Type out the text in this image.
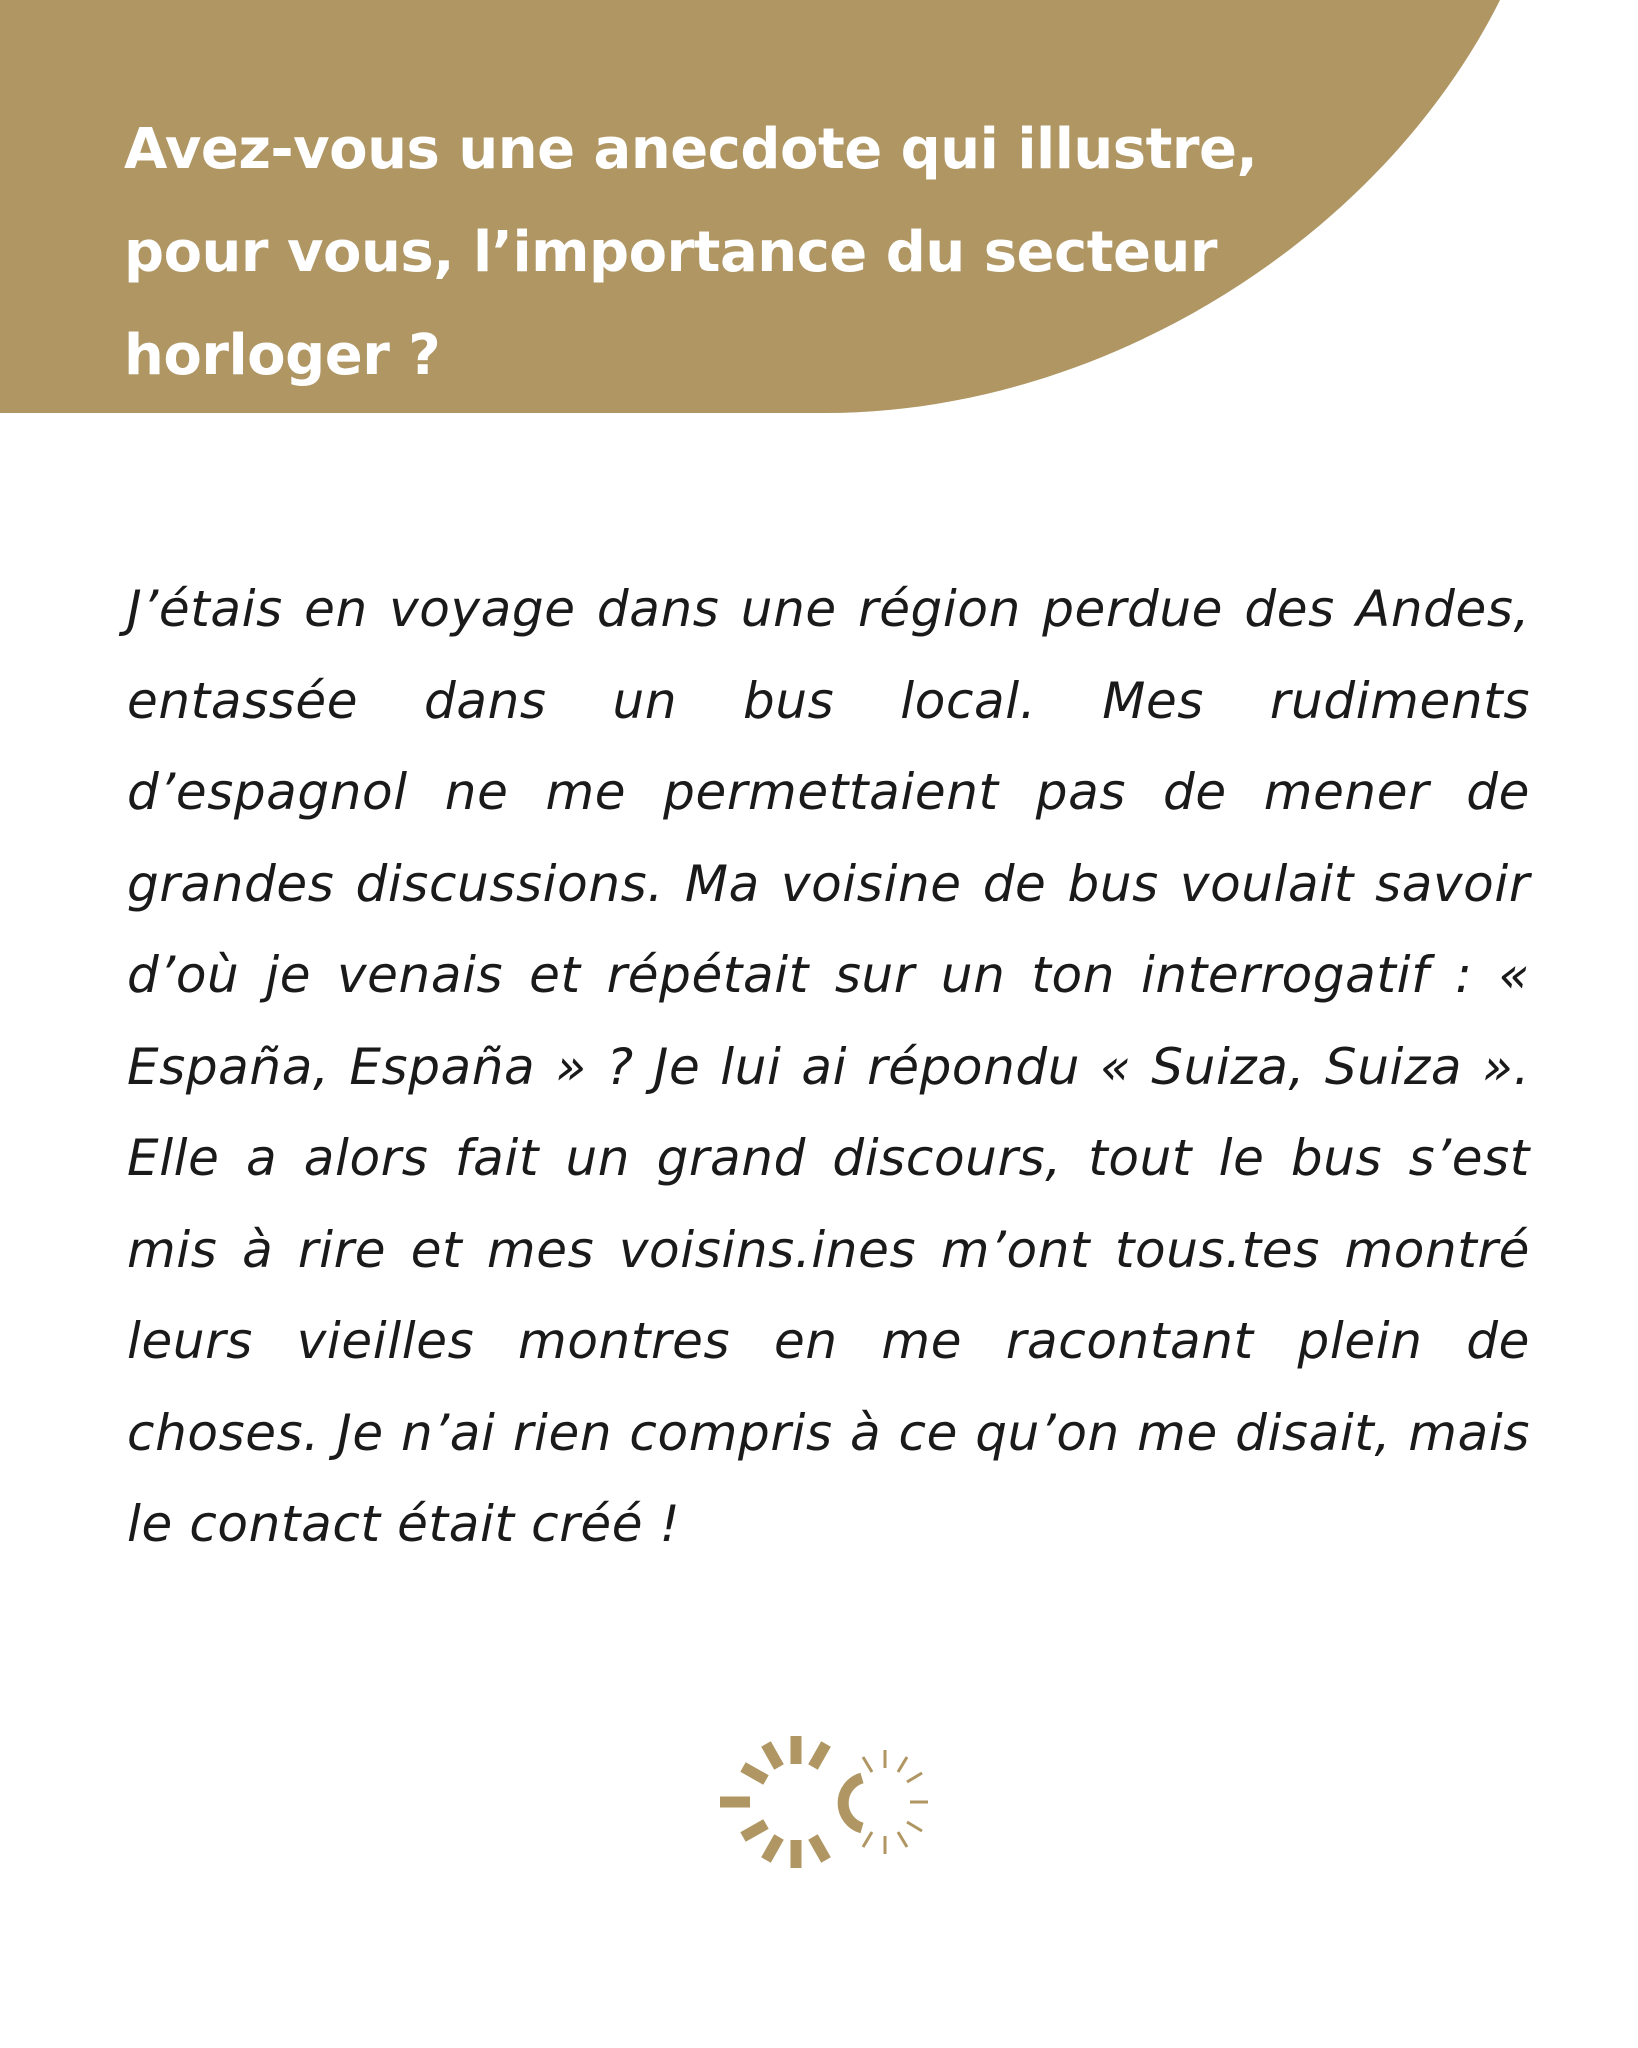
Avez-vous une anecdote qui illustre, pour vous, l’importance du secteur horloger ?

J’étais en voyage dans une région perdue des Andes, entassée dans un bus local. Mes rudiments d’espagnol ne me permettaient pas de mener de grandes discussions. Ma voisine de bus voulait savoir d’où je venais et répétait sur un ton interrogatif : « España, España » ? Je lui ai répondu « Suiza, Suiza ». Elle a alors fait un grand discours, tout le bus s’est mis à rire et mes voisins.ines m’ont tous.tes montré leurs vieilles montres en me racontant plein de choses. Je n’ai rien compris à ce qu’on me disait, mais le contact était créé !
